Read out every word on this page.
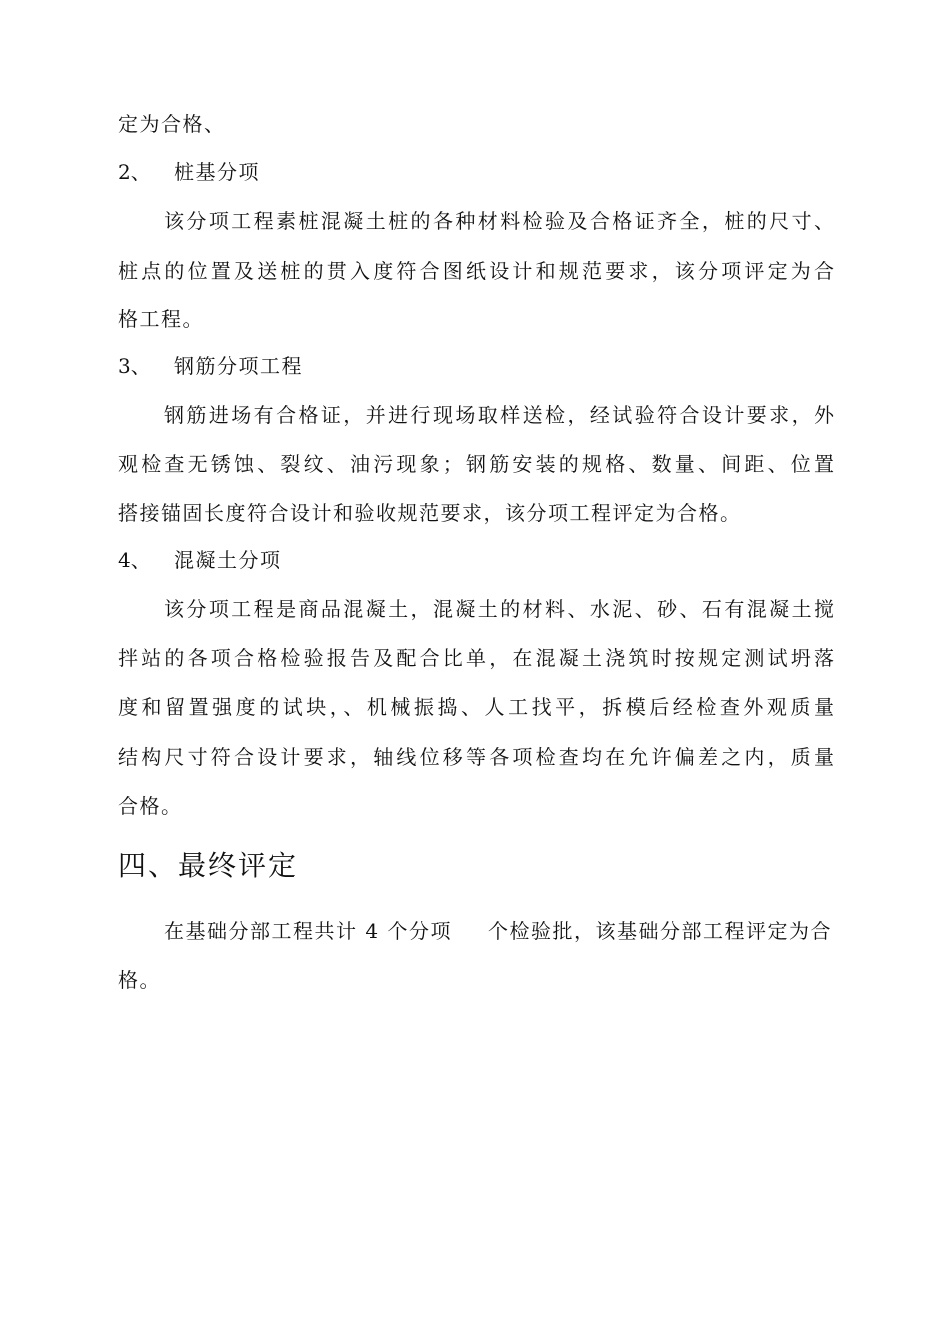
定为合格、
2、 桩基分项
该分项工程素桩混凝土桩的各种材料检验及合格证齐全，桩的尺寸、
桩点的位置及送桩的贯入度符合图纸设计和规范要求，该分项评定为合
格工程。
3、 钢筋分项工程
钢筋进场有合格证，并进行现场取样送检，经试验符合设计要求，外
观检查无锈蚀、裂纹、油污现象；钢筋安装的规格、数量、间距、位置
搭接锚固长度符合设计和验收规范要求，该分项工程评定为合格。
4、 混凝土分项
该分项工程是商品混凝土，混凝土的材料、水泥、砂、石有混凝土搅
拌站的各项合格检验报告及配合比单，在混凝土浇筑时按规定测试坍落
度和留置强度的试块，、机械振捣、人工找平，拆模后经检查外观质量
结构尺寸符合设计要求，轴线位移等各项检查均在允许偏差之内，质量
合格。
四、最终评定
在基础分部工程共计 4 个分项 个检验批，该基础分部工程评定为合
格。
